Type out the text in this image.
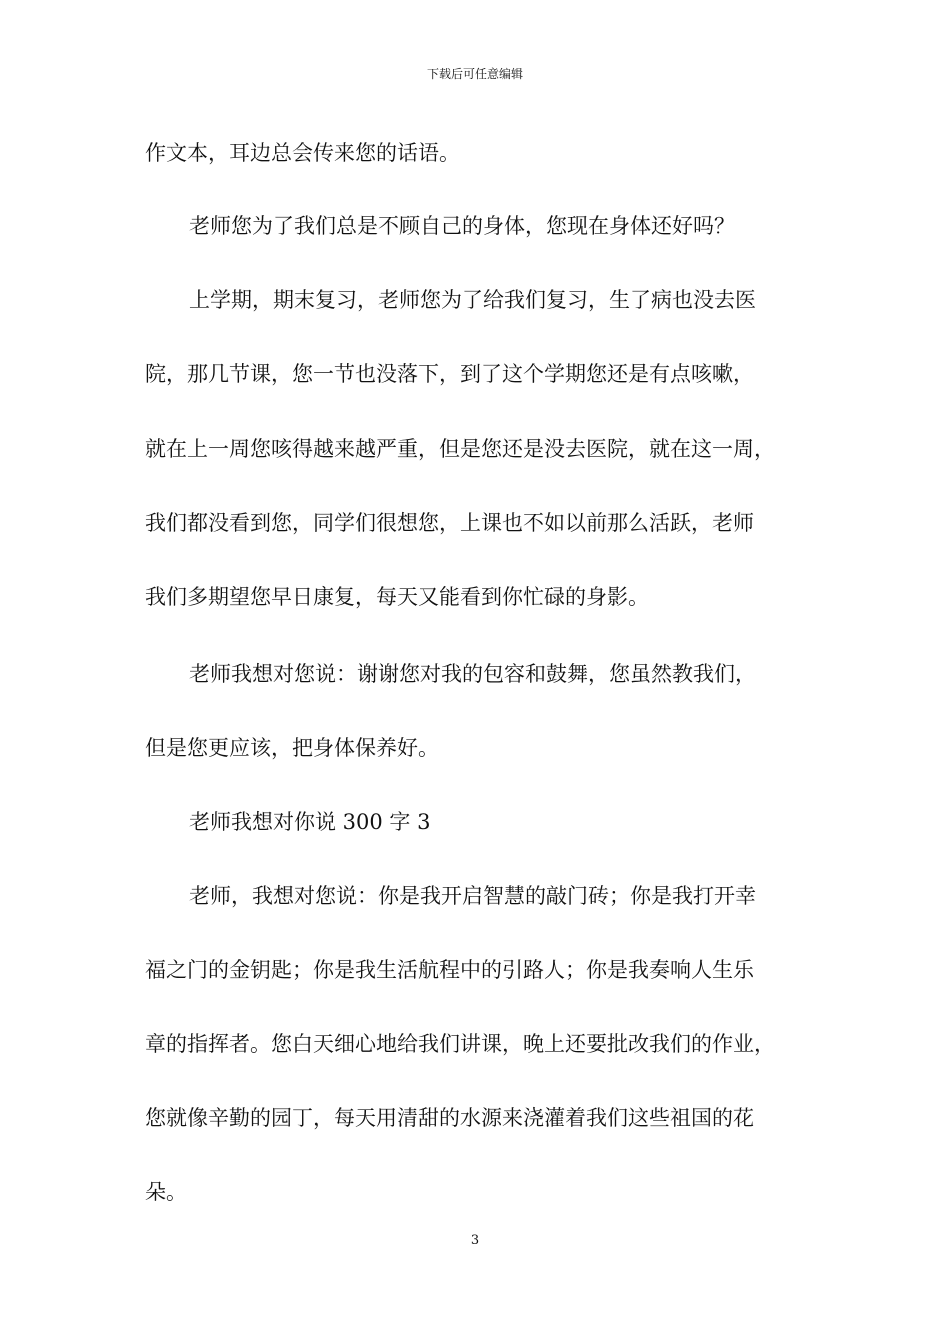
下载后可任意编辑
作文本，耳边总会传来您的话语。
老师您为了我们总是不顾自己的身体，您现在身体还好吗？
上学期，期末复习，老师您为了给我们复习，生了病也没去医
院，那几节课，您一节也没落下，到了这个学期您还是有点咳嗽，
就在上一周您咳得越来越严重，但是您还是没去医院，就在这一周，
我们都没看到您，同学们很想您，上课也不如以前那么活跃，老师
我们多期望您早日康复，每天又能看到你忙碌的身影。
老师我想对您说：谢谢您对我的包容和鼓舞，您虽然教我们，
但是您更应该，把身体保养好。
老师我想对你说 300 字 3
老师，我想对您说：你是我开启智慧的敲门砖；你是我打开幸
福之门的金钥匙；你是我生活航程中的引路人；你是我奏响人生乐
章的指挥者。您白天细心地给我们讲课，晚上还要批改我们的作业，
您就像辛勤的园丁，每天用清甜的水源来浇灌着我们这些祖国的花
朵。
3
